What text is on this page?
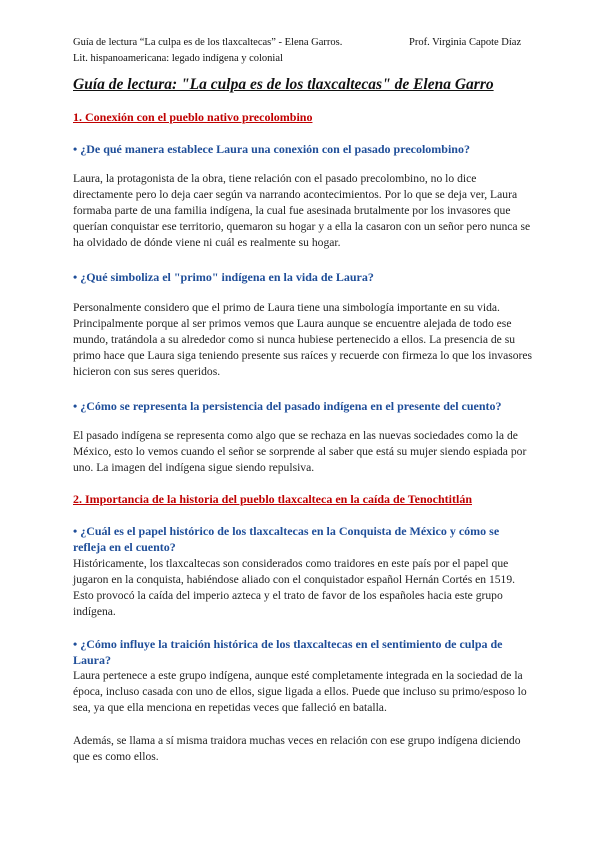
Guía de lectura “La culpa es de los tlaxcaltecas” - Elena Garros.	Prof. Virginia Capote Díaz
Lit. hispanoamericana: legado indígena y colonial
Guía de lectura: "La culpa es de los tlaxcaltecas" de Elena Garro
1. Conexión con el pueblo nativo precolombino
• ¿De qué manera establece Laura una conexión con el pasado precolombino?
Laura, la protagonista de la obra, tiene relación con el pasado precolombino, no lo dice directamente pero lo deja caer según va narrando acontecimientos. Por lo que se deja ver, Laura formaba parte de una familia indígena, la cual fue asesinada brutalmente por los invasores que querían conquistar ese territorio, quemaron su hogar y a ella la casaron con un señor pero nunca se ha olvidado de dónde viene ni cuál es realmente su hogar.
• ¿Qué simboliza el "primo" indígena en la vida de Laura?
Personalmente considero que el primo de Laura tiene una simbología importante en su vida. Principalmente porque al ser primos vemos que Laura aunque se encuentre alejada de todo ese mundo, tratándola a su alrededor como si nunca hubiese pertenecido a ellos. La presencia de su primo hace que Laura siga teniendo presente sus raíces y recuerde con firmeza lo que los invasores hicieron con sus seres queridos.
• ¿Cómo se representa la persistencia del pasado indígena en el presente del cuento?
El pasado indígena se representa como algo que se rechaza en las nuevas sociedades como la de México, esto lo vemos cuando el señor se sorprende al saber que está su mujer siendo espiada por uno. La imagen del indígena sigue siendo repulsiva.
2. Importancia de la historia del pueblo tlaxcalteca en la caída de Tenochtitlán
• ¿Cuál es el papel histórico de los tlaxcaltecas en la Conquista de México y cómo se refleja en el cuento?
Históricamente, los tlaxcaltecas son considerados como traidores en este país por el papel que jugaron en la conquista, habiéndose aliado con el conquistador español Hernán Cortés en 1519. Esto provocó la caída del imperio azteca y el trato de favor de los españoles hacia este grupo indígena.
• ¿Cómo influye la traición histórica de los tlaxcaltecas en el sentimiento de culpa de Laura?
Laura pertenece a este grupo indígena, aunque esté completamente integrada en la sociedad de la época, incluso casada con uno de ellos, sigue ligada a ellos. Puede que incluso su primo/esposo lo sea, ya que ella menciona en repetidas veces que falleció en batalla.
Además, se llama a sí misma traidora muchas veces en relación con ese grupo indígena diciendo que es como ellos.
